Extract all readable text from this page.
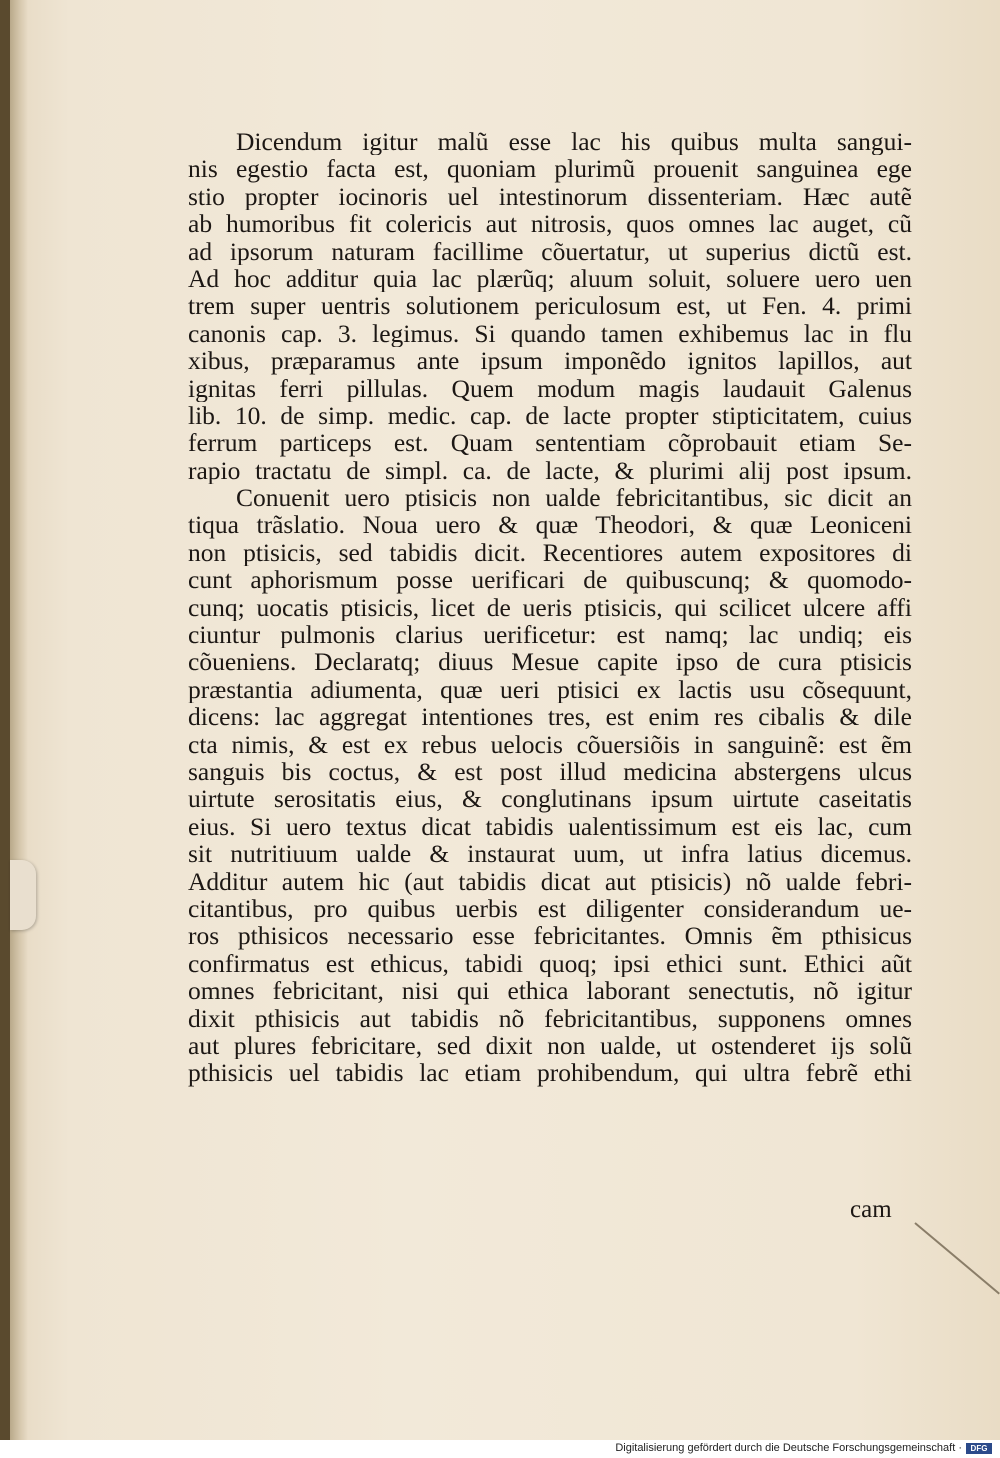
Dicendum igitur malũ esse lac his quibus multa sangui-
nis egestio facta est, quoniam plurimũ prouenit sanguinea ege
stio propter iocinoris uel intestinorum dissenteriam. Hæc autẽ
ab humoribus fit colericis aut nitrosis, quos omnes lac auget, cũ
ad ipsorum naturam facillime cõuertatur, ut superius dictũ est.
Ad hoc additur quia lac plærũq; aluum soluit, soluere uero uen
trem super uentris solutionem periculosum est, ut Fen. 4. primi
canonis cap. 3. legimus. Si quando tamen exhibemus lac in flu
xibus, præparamus ante ipsum imponẽdo ignitos lapillos, aut
ignitas ferri pillulas. Quem modum magis laudauit Galenus
lib. 10. de simp. medic. cap. de lacte propter stipticitatem, cuius
ferrum particeps est. Quam sententiam cõprobauit etiam Se-
rapio tractatu de simpl. ca. de lacte, & plurimi alij post ipsum.
Conuenit uero ptisicis non ualde febricitantibus, sic dicit an
tiqua trãslatio. Noua uero & quæ Theodori, & quæ Leoniceni
non ptisicis, sed tabidis dicit. Recentiores autem expositores di
cunt aphorismum posse uerificari de quibuscunq; & quomodo-
cunq; uocatis ptisicis, licet de ueris ptisicis, qui scilicet ulcere affi
ciuntur pulmonis clarius uerificetur: est namq; lac undiq; eis
cõueniens. Declaratq; diuus Mesue capite ipso de cura ptisicis
præstantia adiumenta, quæ ueri ptisici ex lactis usu cõsequunt,
dicens: lac aggregat intentiones tres, est enim res cibalis & dile
cta nimis, & est ex rebus uelocis cõuersiõis in sanguinẽ: est ẽm
sanguis bis coctus, & est post illud medicina abstergens ulcus
uirtute serositatis eius, & conglutinans ipsum uirtute caseitatis
eius. Si uero textus dicat tabidis ualentissimum est eis lac, cum
sit nutritiuum ualde & instaurat uum, ut infra latius dicemus.
Additur autem hic (aut tabidis dicat aut ptisicis) nõ ualde febri-
citantibus, pro quibus uerbis est diligenter considerandum ue-
ros pthisicos necessario esse febricitantes. Omnis ẽm pthisicus
confirmatus est ethicus, tabidi quoq; ipsi ethici sunt. Ethici aũt
omnes febricitant, nisi qui ethica laborant senectutis, nõ igitur
dixit pthisicis aut tabidis nõ febricitantibus, supponens omnes
aut plures febricitare, sed dixit non ualde, ut ostenderet ijs solũ
pthisicis uel tabidis lac etiam prohibendum, qui ultra febrẽ ethi
cam
Digitalisierung gefördert durch die Deutsche Forschungsgemeinschaft ·	DFG
